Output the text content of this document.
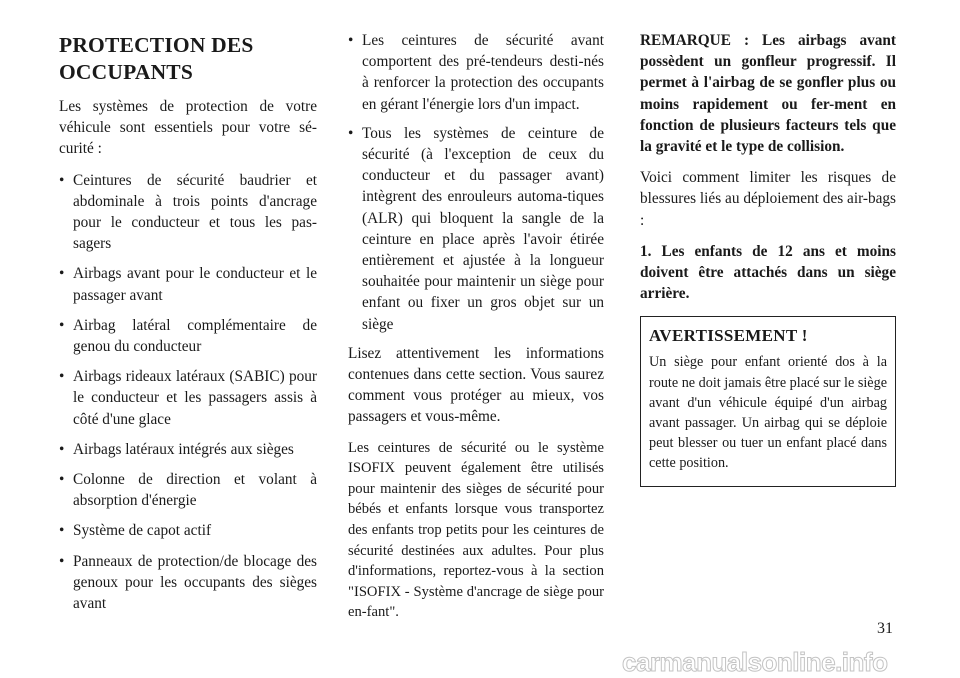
PROTECTION DES OCCUPANTS

Les systèmes de protection de votre véhicule sont essentiels pour votre sé-curité :

• Ceintures de sécurité baudrier et abdominale à trois points d'ancrage pour le conducteur et tous les pas-sagers
• Airbags avant pour le conducteur et le passager avant
• Airbag latéral complémentaire de genou du conducteur
• Airbags rideaux latéraux (SABIC) pour le conducteur et les passagers assis à côté d'une glace
• Airbags latéraux intégrés aux sièges
• Colonne de direction et volant à absorption d'énergie
• Système de capot actif
• Panneaux de protection/de blocage des genoux pour les occupants des sièges avant
• Les ceintures de sécurité avant comportent des pré-tendeurs desti-nés à renforcer la protection des occupants en gérant l'énergie lors d'un impact.
• Tous les systèmes de ceinture de sécurité (à l'exception de ceux du conducteur et du passager avant) intègrent des enrouleurs automa-tiques (ALR) qui bloquent la sangle de la ceinture en place après l'avoir étirée entièrement et ajustée à la longueur souhaitée pour maintenir un siège pour enfant ou fixer un gros objet sur un siège

Lisez attentivement les informations contenues dans cette section. Vous saurez comment vous protéger au mieux, vos passagers et vous-même.

Les ceintures de sécurité ou le système ISOFIX peuvent également être utilisés pour maintenir des sièges de sécurité pour bébés et enfants lorsque vous transportez des enfants trop petits pour les ceintures de sécurité destinées aux adultes. Pour plus d'informations, reportez-vous à la section "ISOFIX - Système d'ancrage de siège pour en-fant".

REMARQUE : Les airbags avant possèdent un gonfleur progressif. Il permet à l'airbag de se gonfler plus ou moins rapidement ou fer-ment en fonction de plusieurs facteurs tels que la gravité et le type de collision.

Voici comment limiter les risques de blessures liés au déploiement des air-bags :

1. Les enfants de 12 ans et moins doivent être attachés dans un siège arrière.

AVERTISSEMENT !

Un siège pour enfant orienté dos à la route ne doit jamais être placé sur le siège avant d'un véhicule équipé d'un airbag avant passager. Un airbag qui se déploie peut blesser ou tuer un enfant placé dans cette position.

31
carmanualsonline.info
